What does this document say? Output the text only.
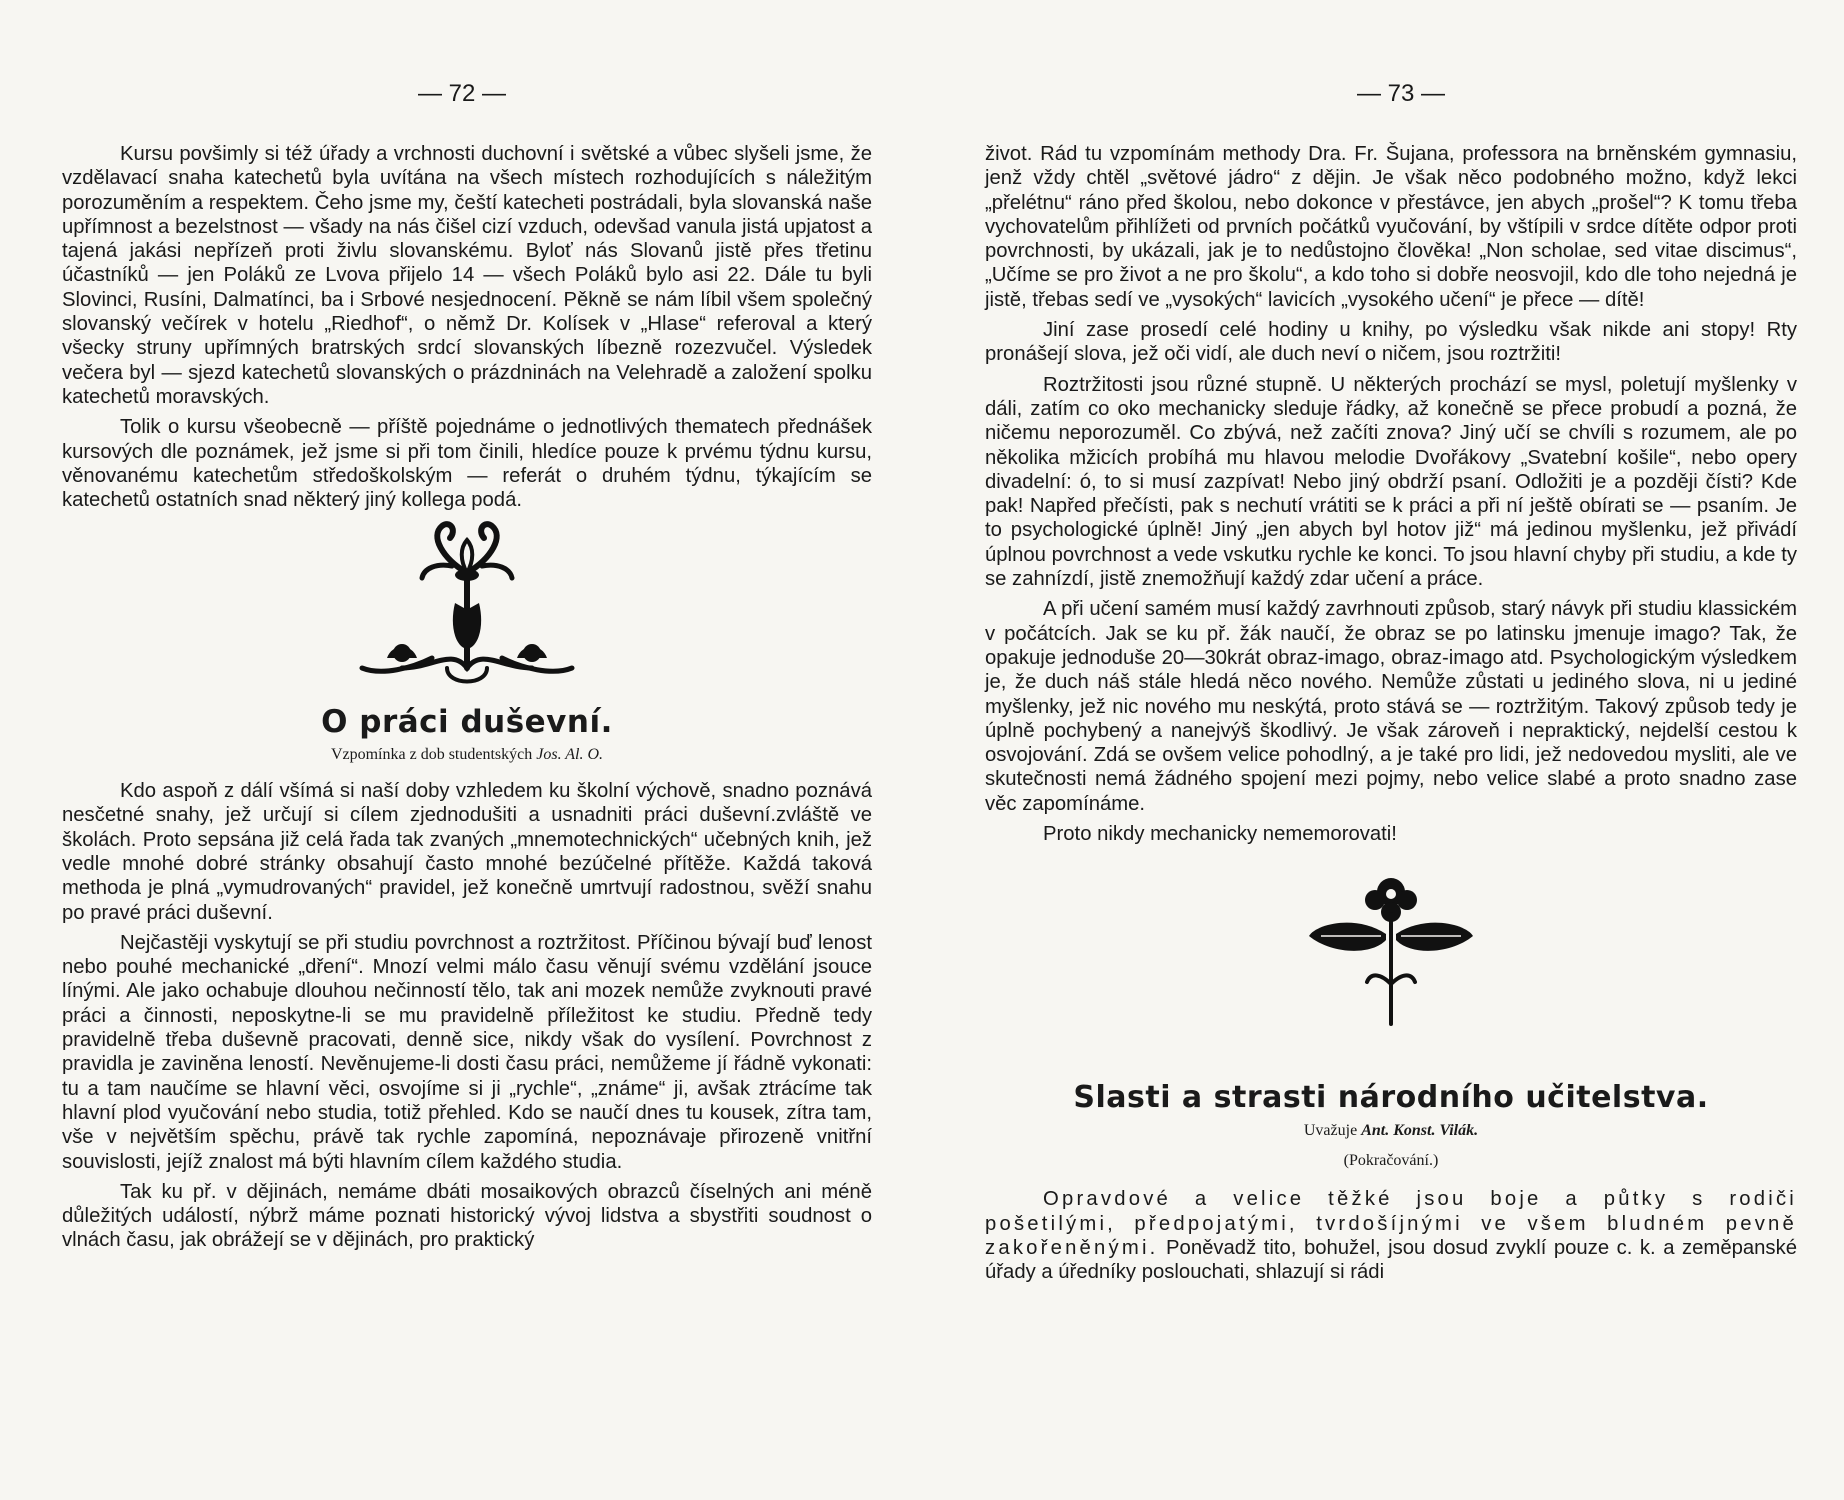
— 72 —

Kursu povšimly si též úřady a vrchnosti duchovní i světské a vůbec slyšeli jsme, že vzdělavací snaha katechetů byla uvítána na všech místech rozhodujících s náležitým porozuměním a respektem. Čeho jsme my, čeští katecheti postrádali, byla slovanská naše upřímnost a bezelstnost — všady na nás čišel cizí vzduch, odevšad vanula jistá upjatost a tajená jakási nepřízeň proti živlu slovanskému. Byloť nás Slovanů jistě přes třetinu účastníků — jen Poláků ze Lvova přijelo 14 — všech Poláků bylo asi 22. Dále tu byli Slovinci, Rusíni, Dalmatínci, ba i Srbové nesjednocení. Pěkně se nám líbil všem společný slovanský večírek v hotelu „Riedhof“, o němž Dr. Kolísek v „Hlase“ referoval a který všecky struny upřímných bratrských srdcí slovanských líbezně rozezvučel. Výsledek večera byl — sjezd katechetů slovanských o prázdninách na Velehradě a založení spolku katechetů moravských.

Tolik o kursu všeobecně — příště pojednáme o jednotlivých thematech přednášek kursových dle poznámek, jež jsme si při tom činili, hledíce pouze k prvému týdnu kursu, věnovanému katechetům středoškolským — referát o druhém týdnu, týkajícím se katechetů ostatních snad některý jiný kollega podá.

O práci duševní.
Vzpomínka z dob studentských Jos. Al. O.

Kdo aspoň z dálí všímá si naší doby vzhledem ku školní výchově, snadno poznává nesčetné snahy, jež určují si cílem zjednodušiti a usnadniti práci duševní.zvláště ve školách. Proto sepsána již celá řada tak zvaných „mnemotechnických“ učebných knih, jež vedle mnohé dobré stránky obsahují často mnohé bezúčelné přítěže. Každá taková methoda je plná „vymudrovaných“ pravidel, jež konečně umrtvují radostnou, svěží snahu po pravé práci duševní.

Nejčastěji vyskytují se při studiu povrchnost a roztržitost. Příčinou bývají buď lenost nebo pouhé mechanické „dření“. Mnozí velmi málo času věnují svému vzdělání jsouce línými. Ale jako ochabuje dlouhou nečinností tělo, tak ani mozek nemůže zvyknouti pravé práci a činnosti, neposkytne-li se mu pravidelně příležitost ke studiu. Předně tedy pravidelně třeba duševně pracovati, denně sice, nikdy však do vysílení. Povrchnost z pravidla je zaviněna leností. Nevěnujeme-li dosti času práci, nemůžeme jí řádně vykonati: tu a tam naučíme se hlavní věci, osvojíme si ji „rychle“, „známe“ ji, avšak ztrácíme tak hlavní plod vyučování nebo studia, totiž přehled. Kdo se naučí dnes tu kousek, zítra tam, vše v největším spěchu, právě tak rychle zapomíná, nepoznávaje přirozeně vnitřní souvislosti, jejíž znalost má býti hlavním cílem každého studia.

Tak ku př. v dějinách, nemáme dbáti mosaikových obrazců číselných ani méně důležitých událostí, nýbrž máme poznati historický vývoj lidstva a sbystřiti soudnost o vlnách času, jak obrážejí se v dějinách, pro praktický

— 73 —

život. Rád tu vzpomínám methody Dra. Fr. Šujana, professora na brněnském gymnasiu, jenž vždy chtěl „světové jádro“ z dějin. Je však něco podobného možno, když lekci „přelétnu“ ráno před školou, nebo dokonce v přestávce, jen abych „prošel“? K tomu třeba vychovatelům přihlížeti od prvních počátků vyučování, by vštípili v srdce dítěte odpor proti povrchnosti, by ukázali, jak je to nedůstojno člověka! „Non scholae, sed vitae discimus“, „Učíme se pro život a ne pro školu“, a kdo toho si dobře neosvojil, kdo dle toho nejedná je jistě, třebas sedí ve „vysokých“ lavicích „vysokého učení“ je přece — dítě!

Jiní zase prosedí celé hodiny u knihy, po výsledku však nikde ani stopy! Rty pronášejí slova, jež oči vidí, ale duch neví o ničem, jsou roztržiti!

Roztržitosti jsou různé stupně. U některých prochází se mysl, poletují myšlenky v dáli, zatím co oko mechanicky sleduje řádky, až konečně se přece probudí a pozná, že ničemu neporozuměl. Co zbývá, než začíti znova? Jiný učí se chvíli s rozumem, ale po několika mžicích probíhá mu hlavou melodie Dvořákovy „Svatební košile“, nebo opery divadelní: ó, to si musí zazpívat! Nebo jiný obdrží psaní. Odložiti je a později čísti? Kde pak! Napřed přečísti, pak s nechutí vrátiti se k práci a při ní ještě obírati se — psaním. Je to psychologické úplně! Jiný „jen abych byl hotov již“ má jedinou myšlenku, jež přivádí úplnou povrchnost a vede vskutku rychle ke konci. To jsou hlavní chyby při studiu, a kde ty se zahnízdí, jistě znemožňují každý zdar učení a práce.

A při učení samém musí každý zavrhnouti způsob, starý návyk při studiu klassickém v počátcích. Jak se ku př. žák naučí, že obraz se po latinsku jmenuje imago? Tak, že opakuje jednoduše 20—30krát obraz-imago, obraz-imago atd. Psychologickým výsledkem je, že duch náš stále hledá něco nového. Nemůže zůstati u jediného slova, ni u jediné myšlenky, jež nic nového mu neskýtá, proto stává se — roztržitým. Takový způsob tedy je úplně pochybený a nanejvýš škodlivý. Je však zároveň i nepraktický, nejdelší cestou k osvojování. Zdá se ovšem velice pohodlný, a je také pro lidi, jež nedovedou mysliti, ale ve skutečnosti nemá žádného spojení mezi pojmy, nebo velice slabé a proto snadno zase věc zapomínáme.

Proto nikdy mechanicky nememorovati!

Slasti a strasti národního učitelstva.
Uvažuje Ant. Konst. Vilák.
(Pokračování.)

Opravdové a velice těžké jsou boje a půtky s rodiči pošetilými, předpojatými, tvrdošíjnými ve všem bludném pevně zakořeněnými. Poněvadž tito, bohužel, jsou dosud zvyklí pouze c. k. a zeměpanské úřady a úředníky poslouchati, shlazují si rádi
